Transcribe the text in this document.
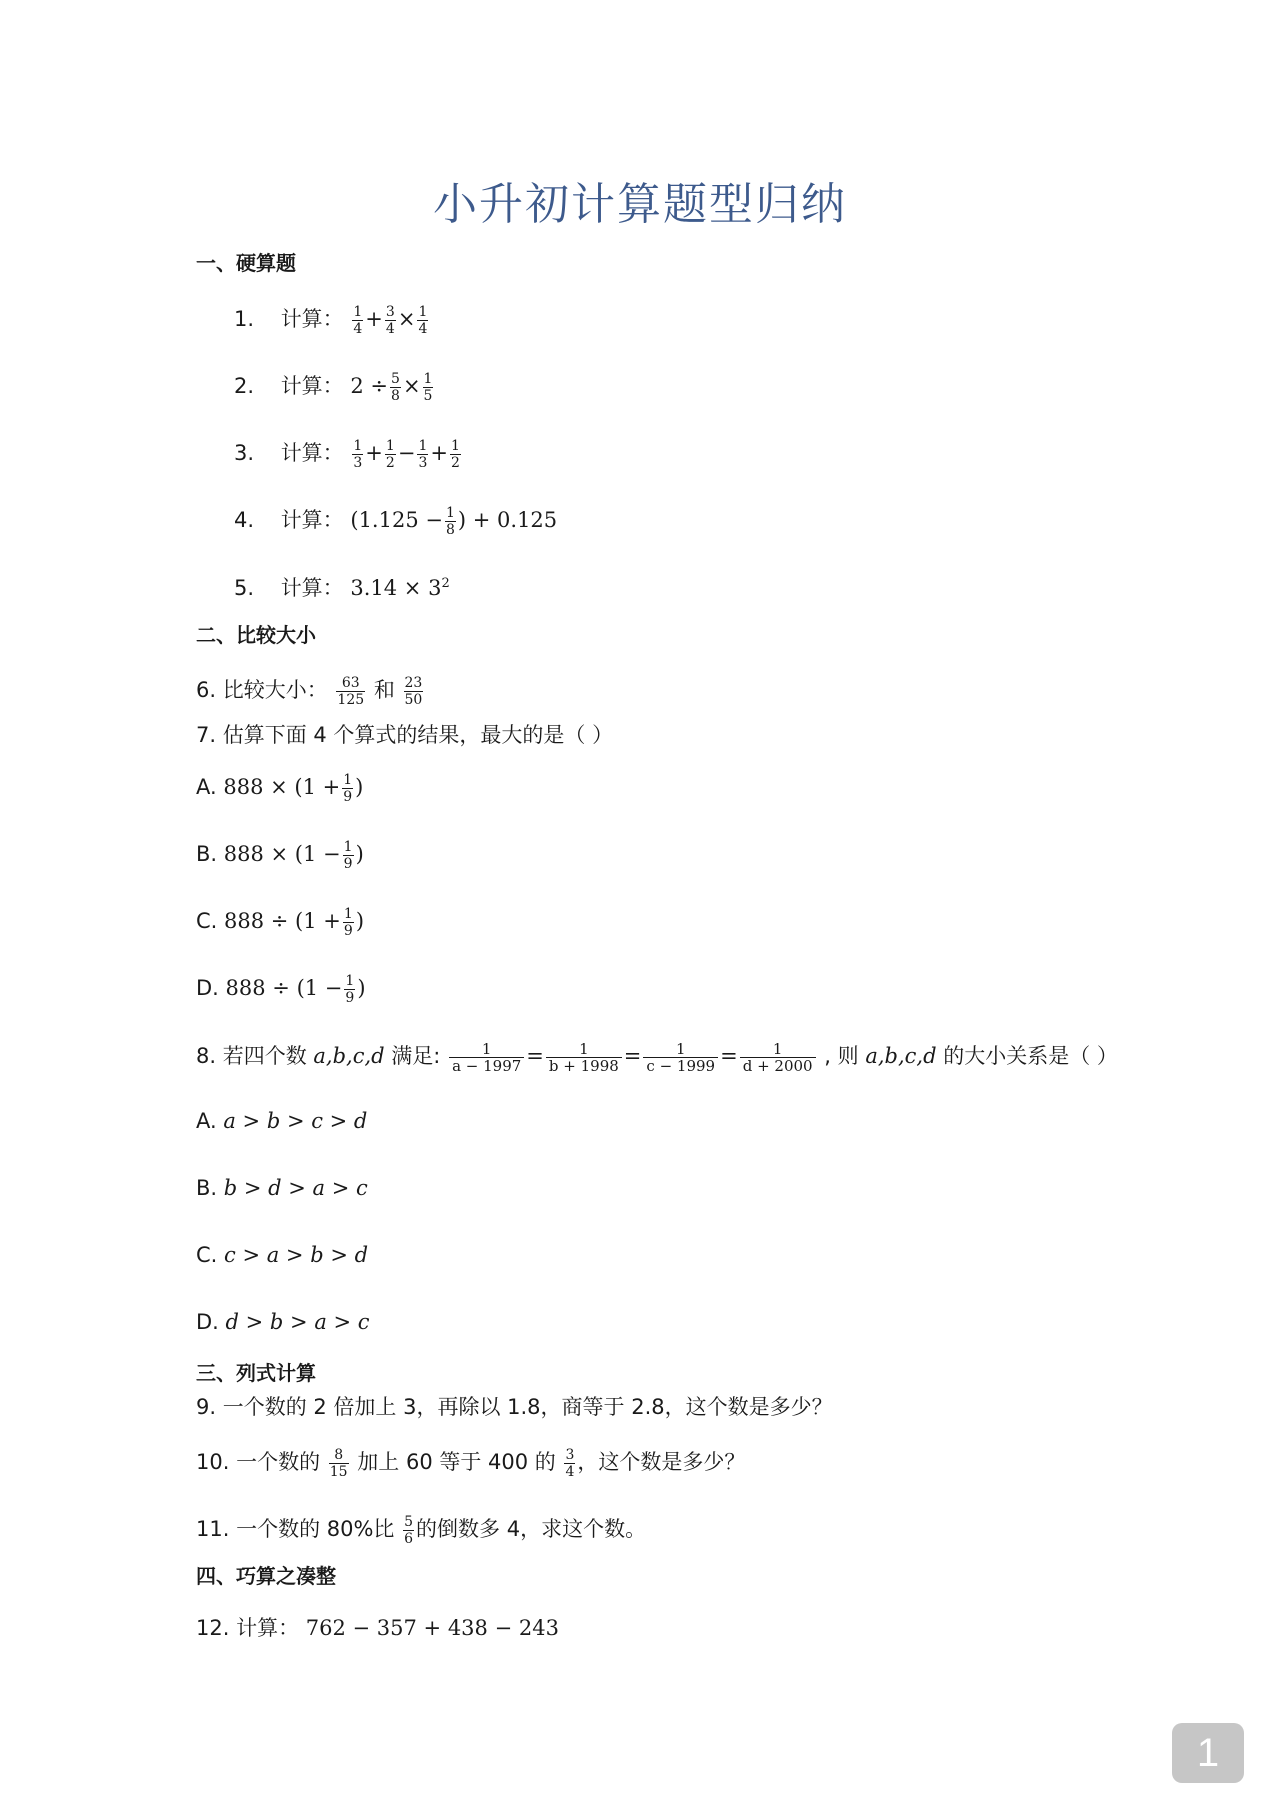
小升初计算题型归纳
一、硬算题
1. 计算： $\frac{1}{4} + \frac{3}{4} \times \frac{1}{4}$
2. 计算： $2 \div \frac{5}{8} \times \frac{1}{5}$
3. 计算： $\frac{1}{3} + \frac{1}{2} - \frac{1}{3} + \frac{1}{2}$
4. 计算： ($1.125 - \frac{1}{8}$ ) + 0.125
5. 计算： $3.14 \times 3^2$
二、比较大小
6. 比较大小： $\frac{63}{125}$ 和 $\frac{23}{50}$
7. 估算下面 4 个算式的结果，最大的是（ ）
A. $888 \times (1 + \frac{1}{9}$ )
B. $888 \times (1 - \frac{1}{9}$ )
C. $888 \div (1 + \frac{1}{9}$ )
D. $888 \div (1 - \frac{1}{9}$ )
8. 若四个数 a,b,c,d 满足: $\frac{1}{a - 1997} = \frac{1}{b + 1998} = \frac{1}{c - 1999} = \frac{1}{d + 2000}$ , 则 a,b,c,d 的大小关系是（ ）
A. a > b > c > d
B. b > d > a > c
C. c > a > b > d
D. d > b > a > c
三、列式计算
9. 一个数的 2 倍加上 3，再除以 1.8，商等于 2.8，这个数是多少？
10. 一个数的 $\frac{8}{15}$ 加上 60 等于 400 的 $\frac{3}{4}$ ，这个数是多少？
11. 一个数的 80%比 $\frac{5}{6}$ 的倒数多 4，求这个数。
四、巧算之凑整
12. 计算： 762 − 357 + 438 − 243
1
